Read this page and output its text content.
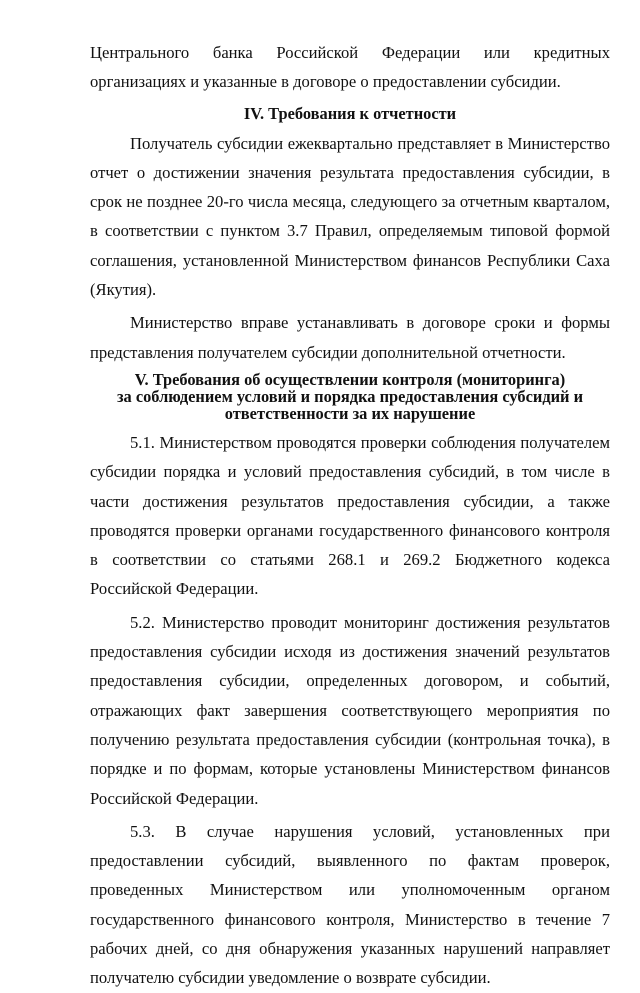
Центрального банка Российской Федерации или кредитных организациях и указанные в договоре о предоставлении субсидии.

IV. Требования к отчетности

Получатель субсидии ежеквартально представляет в Министерство отчет о достижении значения результата предоставления субсидии, в срок не позднее 20-го числа месяца, следующего за отчетным кварталом, в соответствии с пунктом 3.7 Правил, определяемым типовой формой соглашения, установленной Министерством финансов Республики Саха (Якутия).

Министерство вправе устанавливать в договоре сроки и формы представления получателем субсидии дополнительной отчетности.

V. Требования об осуществлении контроля (мониторинга)
за соблюдением условий и порядка предоставления субсидий и
ответственности за их нарушение

5.1. Министерством проводятся проверки соблюдения получателем субсидии порядка и условий предоставления субсидий, в том числе в части достижения результатов предоставления субсидии, а также проводятся проверки органами государственного финансового контроля в соответствии со статьями 268.1 и 269.2 Бюджетного кодекса Российской Федерации.

5.2. Министерство проводит мониторинг достижения результатов предоставления субсидии исходя из достижения значений результатов предоставления субсидии, определенных договором, и событий, отражающих факт завершения соответствующего мероприятия по получению результата предоставления субсидии (контрольная точка), в порядке и по формам, которые установлены Министерством финансов Российской Федерации.

5.3. В случае нарушения условий, установленных при предоставлении субсидий, выявленного по фактам проверок, проведенных Министерством или уполномоченным органом государственного финансового контроля, Министерство в течение 7 рабочих дней, со дня обнаружения указанных нарушений направляет получателю субсидии уведомление о возврате субсидии.
